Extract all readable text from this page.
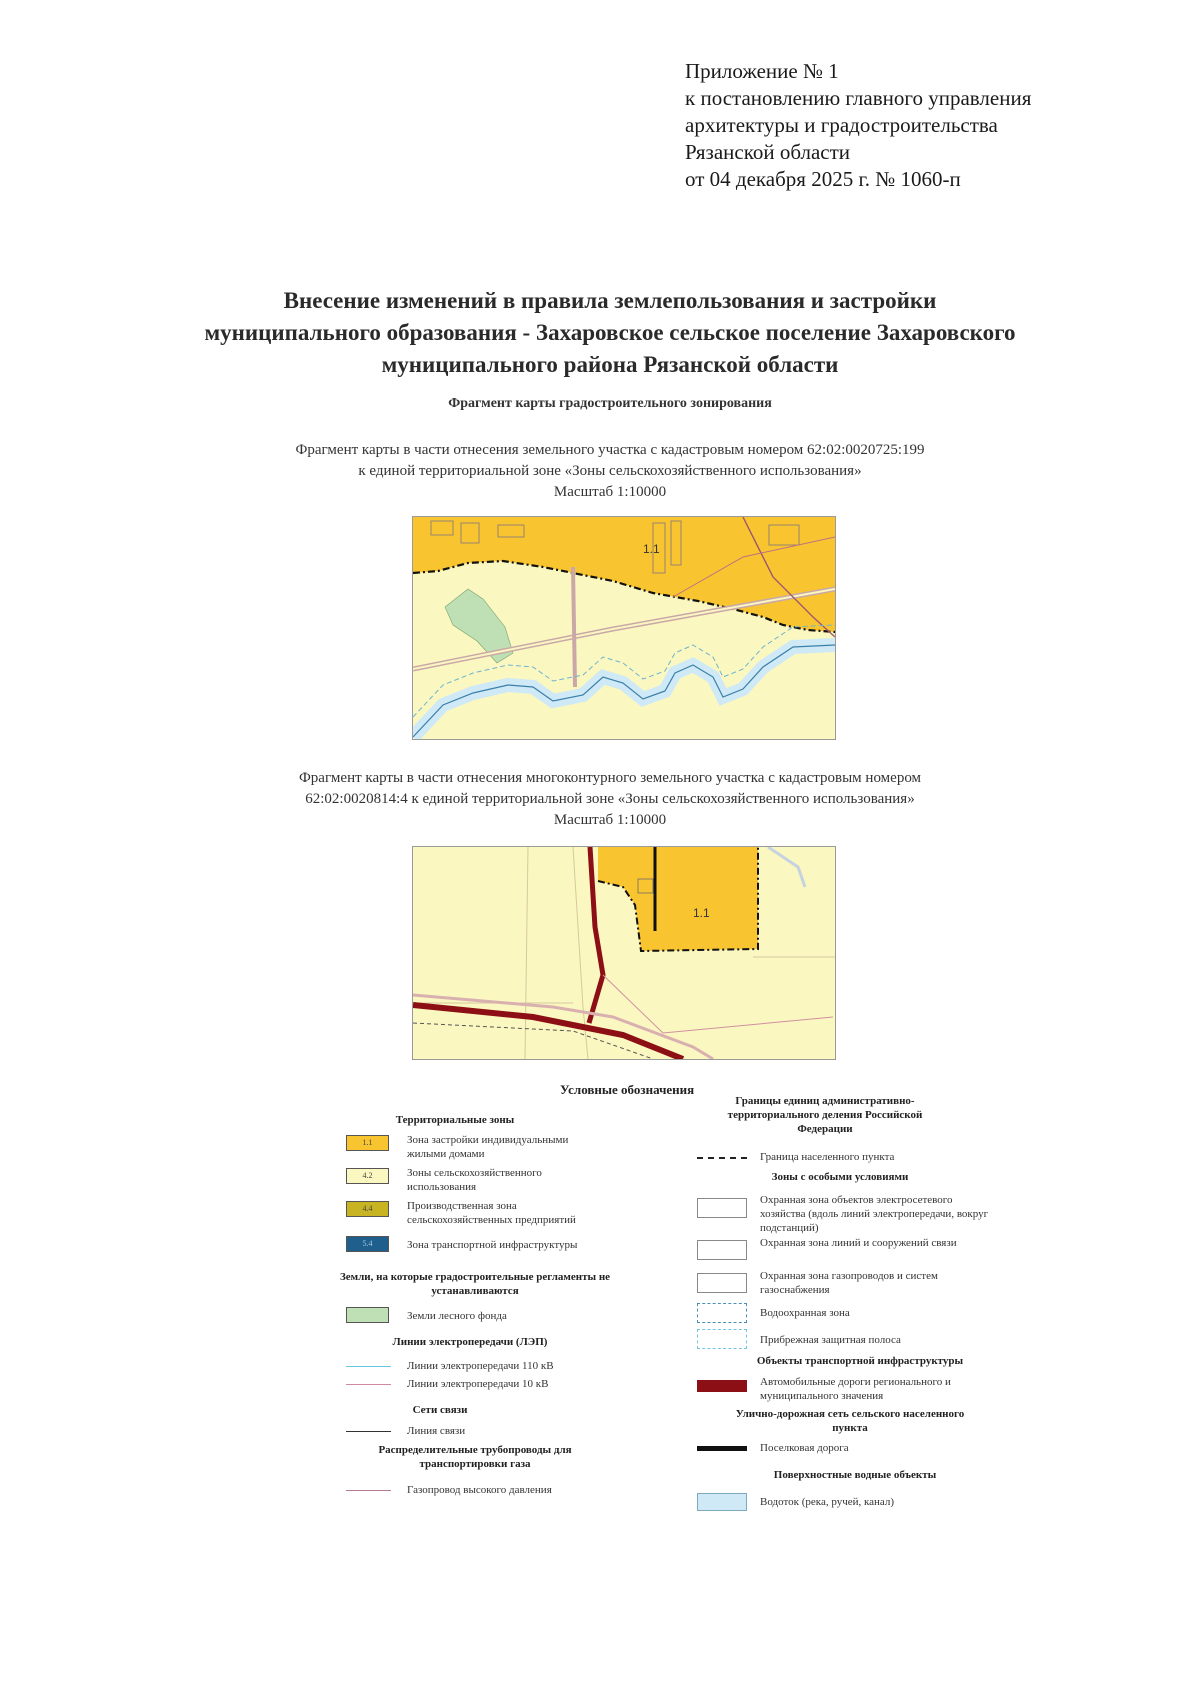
Приложение № 1
к постановлению главного управления
архитектуры и градостроительства
Рязанской области
от 04 декабря 2025 г. № 1060-п
Внесение изменений в правила землепользования и застройки
муниципального образования - Захаровское сельское поселение Захаровского
муниципального района Рязанской области
Фрагмент карты градостроительного зонирования
Фрагмент карты в части отнесения земельного участка с кадастровым номером 62:02:0020725:199
к единой территориальной зоне «Зоны сельскохозяйственного использования»
Масштаб 1:10000
1.1
Фрагмент карты в части отнесения многоконтурного земельного участка с кадастровым номером
62:02:0020814:4 к единой территориальной зоне «Зоны сельскохозяйственного использования»
Масштаб 1:10000
1.1
Условные обозначения
Территориальные зоны
1.1	Зона застройки индивидуальными жилыми домами
4.2	Зоны сельскохозяйственного использования
4.4	Производственная зона сельскохозяйственных предприятий
5.4	Зона транспортной инфраструктуры
Земли, на которые градостроительные регламенты не устанавливаются
Земли лесного фонда
Линии электропередачи (ЛЭП)
Линии электропередачи 110 кВ
Линии электропередачи 10 кВ
Сети связи
Линия связи
Распределительные трубопроводы для транспортировки газа
Газопровод высокого давления
Границы единиц административно-территориального деления Российской Федерации
Граница населенного пункта
Зоны с особыми условиями
Охранная зона объектов электросетевого хозяйства (вдоль линий электропередачи, вокруг подстанций)
Охранная зона линий и сооружений связи
Охранная зона газопроводов и систем газоснабжения
Водоохранная зона
Прибрежная защитная полоса
Объекты транспортной инфраструктуры
Автомобильные дороги регионального и муниципального значения
Улично-дорожная сеть сельского населенного пункта
Поселковая дорога
Поверхностные водные объекты
Водоток (река, ручей, канал)
